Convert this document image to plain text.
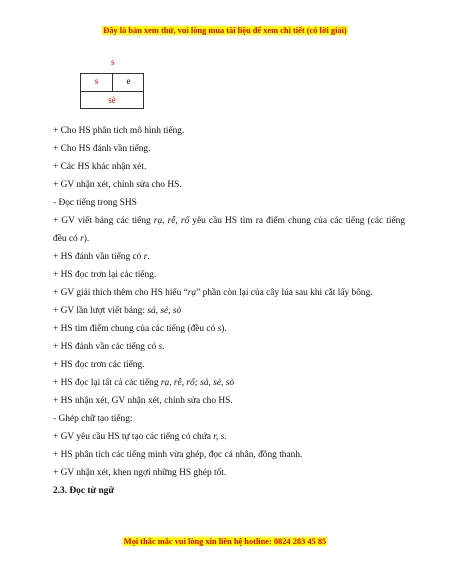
Đây là bản xem thử, vui lòng mua tài liệu để xem chi tiết (có lời giải)
s
s	e
sè

+ Cho HS phân tích mô hình tiếng.

+ Cho HS đánh vần tiếng.

+ Các HS khác nhận xét.

+ GV nhận xét, chỉnh sửa cho HS.

- Đọc tiếng trong SHS

+ GV viết bảng các tiếng rạ, rễ, rổ yêu cầu HS tìm ra điểm chung của các tiếng (các tiếng đều có r).

+ HS đánh vần tiếng có r.

+ HS đọc trơn lại các tiếng.

+ GV giải thích thêm cho HS hiểu “rạ” phần còn lại của cây lúa sau khi cắt lấy bông.

+ GV lần lượt viết bảng: sả, sẻ, sò

+ HS tìm điểm chung của các tiếng (đều có s).

+ HS đánh vần các tiếng có s.

+ HS đọc trơn các tiếng.

+ HS đọc lại tất cả các tiếng rạ, rễ, rổ; sả, sẻ, sò

+ HS nhận xét, GV nhận xét, chỉnh sửa cho HS.

- Ghép chữ tạo tiếng:

+ GV yêu cầu HS tự tạo các tiếng có chứa r, s.

+ HS phân tích các tiếng mình vừa ghép, đọc cá nhân, đồng thanh.

+ GV nhận xét, khen ngợi những HS ghép tốt.

2.3. Đọc từ ngữ

Mọi thắc mắc vui lòng xin liên hệ hotline: 0824 283 45 85
